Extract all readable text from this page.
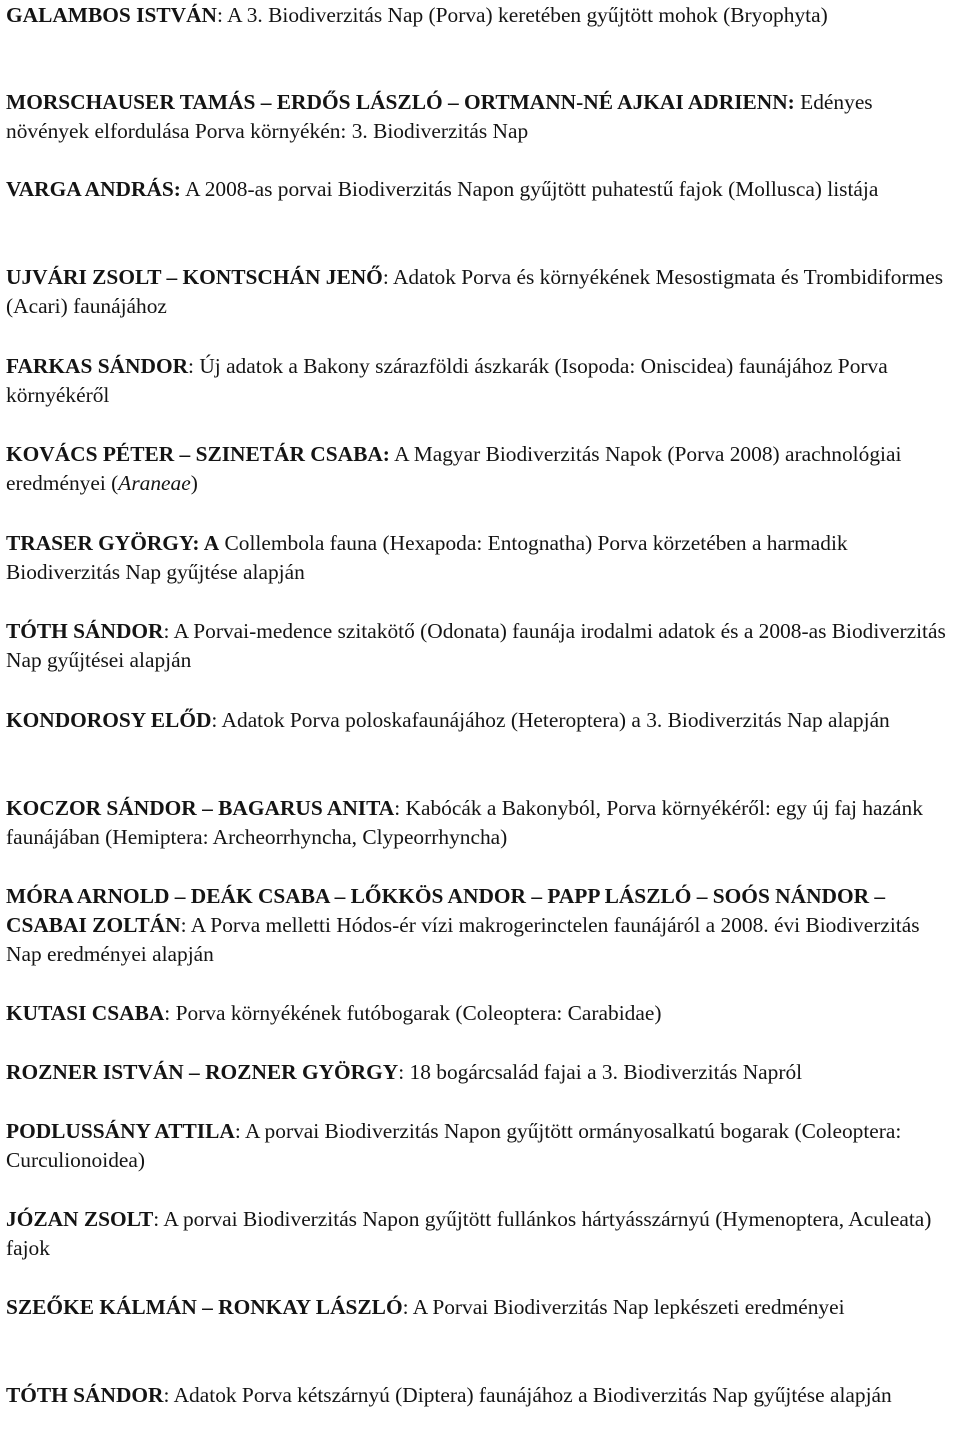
GALAMBOS ISTVÁN: A 3. Biodiverzitás Nap (Porva) keretében gyűjtött mohok (Bryophyta)

MORSCHAUSER TAMÁS – ERDŐS LÁSZLÓ – ORTMANN-NÉ AJKAI ADRIENN: Edényes növények elfordulása Porva környékén: 3. Biodiverzitás Nap

VARGA ANDRÁS: A 2008-as porvai Biodiverzitás Napon gyűjtött puhatestű fajok (Mollusca) listája

UJVÁRI ZSOLT – KONTSCHÁN JENŐ: Adatok Porva és környékének Mesostigmata és Trombidiformes (Acari) faunájához

FARKAS SÁNDOR: Új adatok a Bakony szárazföldi ászkarák (Isopoda: Oniscidea) faunájához Porva környékéről

KOVÁCS PÉTER – SZINETÁR CSABA: A Magyar Biodiverzitás Napok (Porva 2008) arachnológiai eredményei (Araneae)

TRASER GYÖRGY: A Collembola fauna (Hexapoda: Entognatha) Porva körzetében a harmadik Biodiverzitás Nap gyűjtése alapján

TÓTH SÁNDOR: A Porvai-medence szitakötő (Odonata) faunája irodalmi adatok és a 2008-as Biodiverzitás Nap gyűjtései alapján

KONDOROSY ELŐD: Adatok Porva poloskafaunájához (Heteroptera) a 3. Biodiverzitás Nap alapján

KOCZOR SÁNDOR – BAGARUS ANITA: Kabócák a Bakonyból, Porva környékéről: egy új faj hazánk faunájában (Hemiptera: Archeorrhyncha, Clypeorrhyncha)

MÓRA ARNOLD – DEÁK CSABA – LŐKKÖS ANDOR – PAPP LÁSZLÓ – SOÓS NÁNDOR – CSABAI ZOLTÁN: A Porva melletti Hódos-ér vízi makrogerinctelen faunájáról a 2008. évi Biodiverzitás Nap eredményei alapján

KUTASI CSABA: Porva környékének futóbogarak (Coleoptera: Carabidae)

ROZNER ISTVÁN – ROZNER GYÖRGY: 18 bogárcsalád fajai a 3. Biodiverzitás Napról

PODLUSSÁNY ATTILA: A porvai Biodiverzitás Napon gyűjtött ormányosalkatú bogarak (Coleoptera: Curculionoidea)

JÓZAN ZSOLT: A porvai Biodiverzitás Napon gyűjtött fullánkos hártyásszárnyú (Hymenoptera, Aculeata) fajok

SZEŐKE KÁLMÁN – RONKAY LÁSZLÓ: A Porvai Biodiverzitás Nap lepkészeti eredményei

TÓTH SÁNDOR: Adatok Porva kétszárnyú (Diptera) faunájához a Biodiverzitás Nap gyűjtése alapján
